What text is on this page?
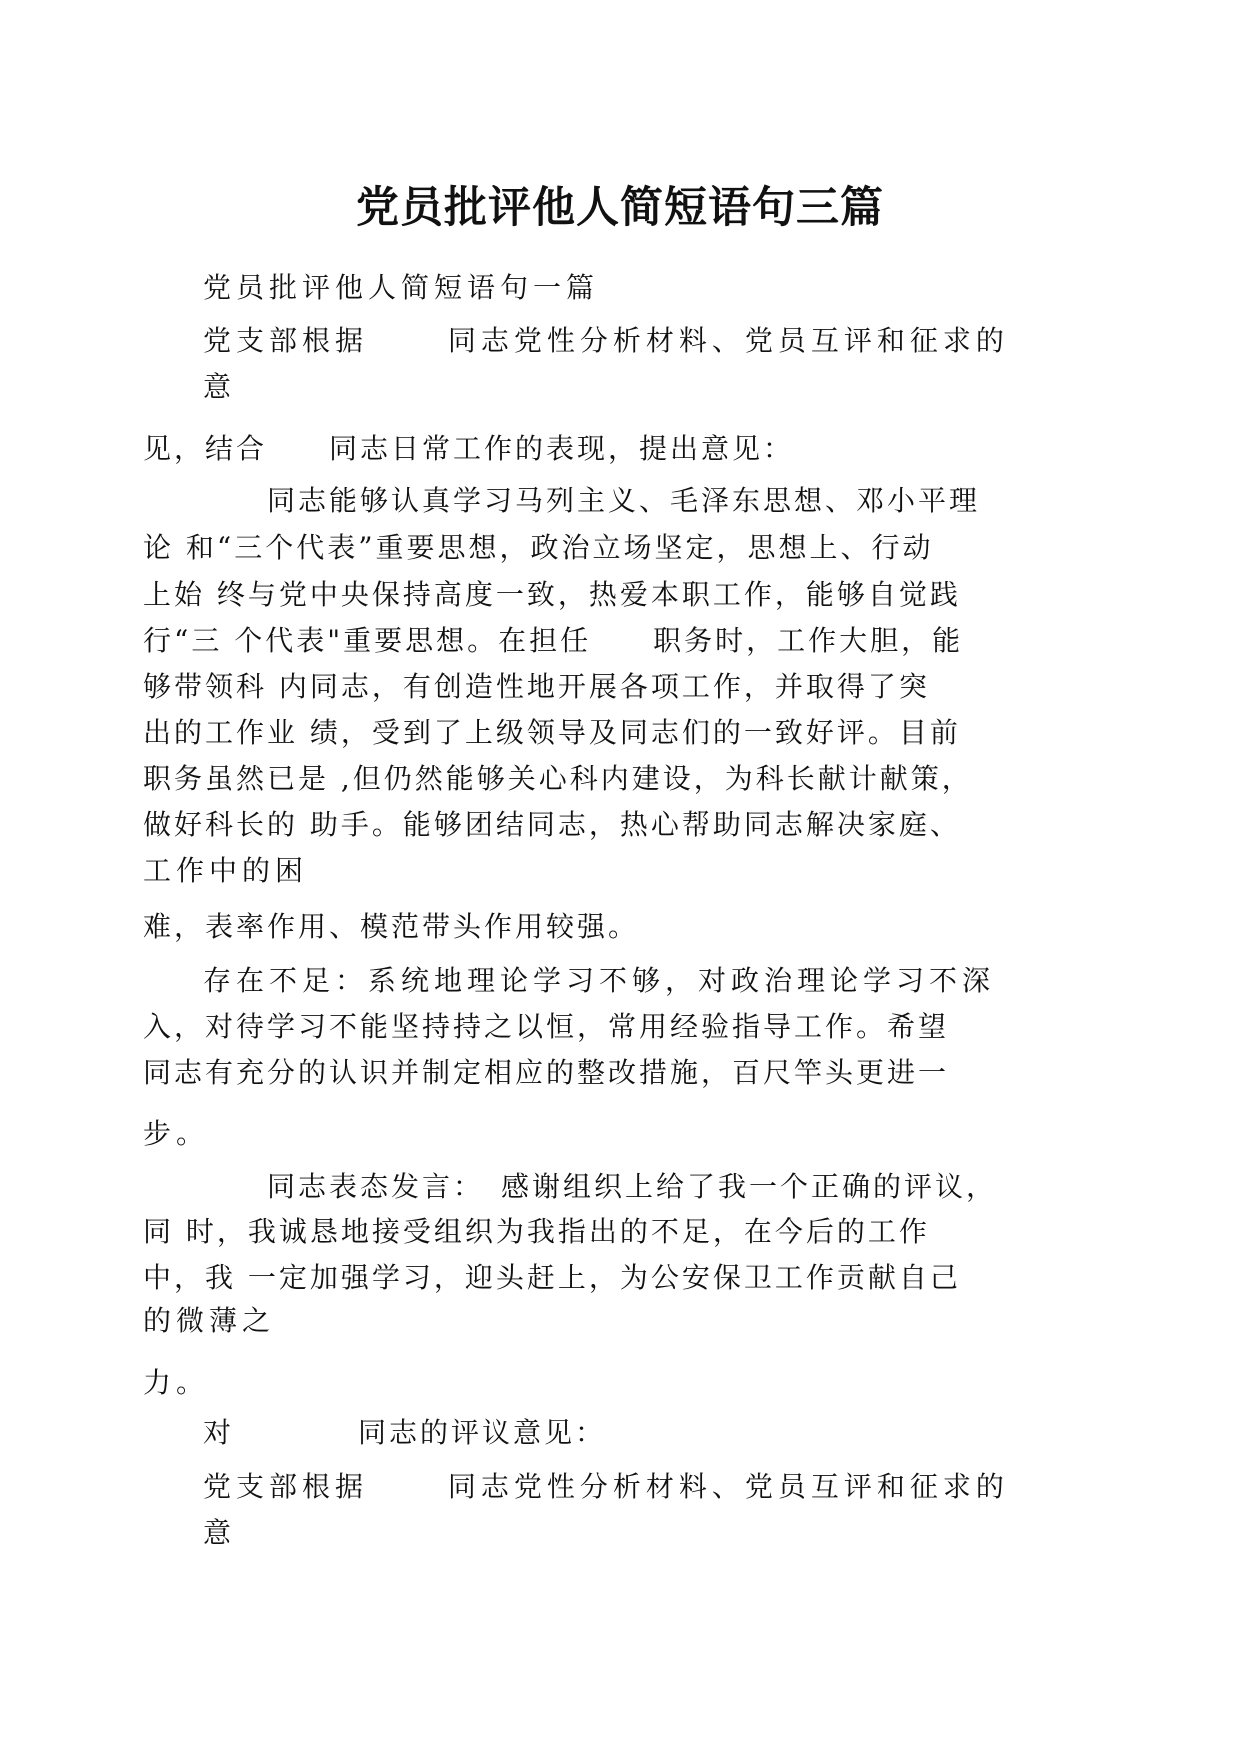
党员批评他人简短语句三篇

党员批评他人简短语句一篇

党支部根据　　 同志党性分析材料、党员互评和征求的

意

见，结合　　同志日常工作的表现，提出意见：

　　　　同志能够认真学习马列主义、毛泽东思想、邓小平理

论 和“三个代表”重要思想，政治立场坚定，思想上、行动

上始 终与党中央保持高度一致，热爱本职工作，能够自觉践

行“三 个代表"重要思想。在担任　　职务时，工作大胆，能

够带领科 内同志，有创造性地开展各项工作，并取得了突

出的工作业 绩，受到了上级领导及同志们的一致好评。目前

职务虽然已是 ,但仍然能够关心科内建设，为科长献计献策，

做好科长的 助手。能够团结同志，热心帮助同志解决家庭、

工作中的困

难，表率作用、模范带头作用较强。

存在不足：系统地理论学习不够，对政治理论学习不深

入，对待学习不能坚持持之以恒，常用经验指导工作。希望

同志有充分的认识并制定相应的整改措施，百尺竿头更进一

步。

　　　　同志表态发言：　感谢组织上给了我一个正确的评议，

同 时，我诚恳地接受组织为我指出的不足，在今后的工作

中，我 一定加强学习，迎头赶上，为公安保卫工作贡献自己

的微薄之

力。

对　　　　同志的评议意见：

党支部根据　　 同志党性分析材料、党员互评和征求的

意
